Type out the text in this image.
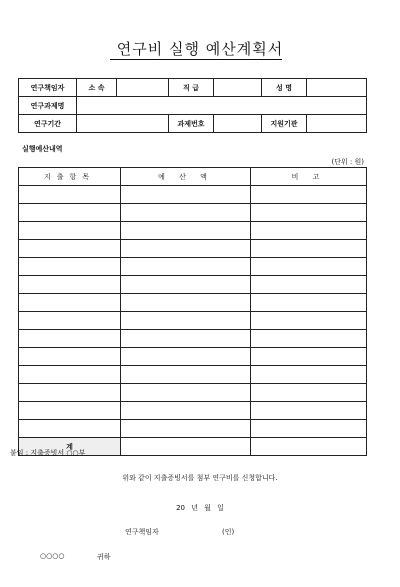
연구비 실행 예산계획서
연구책임자	소 속		직 급		성 명	
연구과제명						
연구기간			과제번호		지원기관	
실행예산내역
(단위 : 원)
지출항목	예 산 액	비 고

계		
붙임 : 지출증빙서 ○○부
위와 같이 지출증빙서를 첨부 연구비를 신청합니다.
20 년 월 일
연구책임자	(인)
○○○○	귀하
